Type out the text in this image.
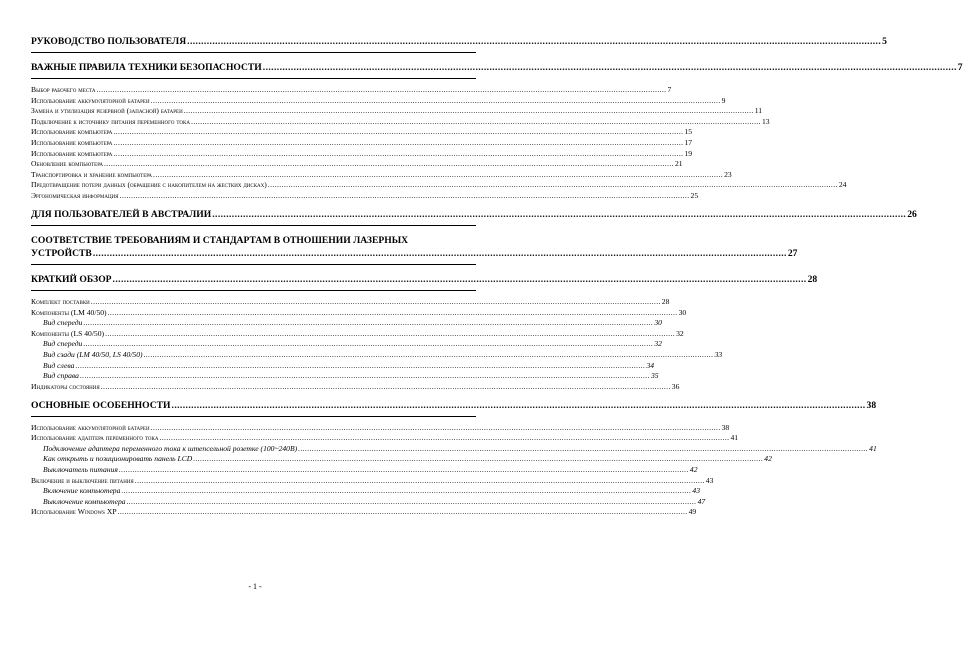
РУКОВОДСТВО ПОЛЬЗОВАТЕЛЯ .....	5
ВАЖНЫЕ ПРАВИЛА ТЕХНИКИ БЕЗОПАСНОСТИ .....	7
Выбор рабочего места .....	7
Использование аккумуляторной батареи .....	9
Замена и утилизация резервной (запасной) батареи .....	11
Подключение к источнику питания переменного тока .....	13
Использование компьютера .....	15
Использование компьютера .....	17
Использование компьютера .....	19
Обновление компьютера .....	21
Транспортировка и хранение компьютера .....	23
Предотвращение потери данных (обращение с накопителем на жестких дисках) .....	24
Эргономическая информация .....	25
ДЛЯ ПОЛЬЗОВАТЕЛЕЙ В АВСТРАЛИИ .....	26
СООТВЕТСТВИЕ ТРЕБОВАНИЯМ И СТАНДАРТАМ В ОТНОШЕНИИ ЛАЗЕРНЫХ
УСТРОЙСТВ .....	27
КРАТКИЙ ОБЗОР .....	28
Комплект поставки .....	28
Компоненты (LM 40/50) .....	30
Вид спереди .....	30
Компоненты (LS 40/50) .....	32
Вид спереди .....	32
Вид сзади (LM 40/50, LS 40/50) .....	33
Вид слева .....	34
Вид справа .....	35
Индикаторы состояния .....	36
ОСНОВНЫЕ ОСОБЕННОСТИ .....	38
Использование аккумуляторной батареи .....	38
Использование адаптера переменного тока .....	41
Подключение адаптера переменного тока к штепсельной розетке (100~240В) .....	41
Как открыть и позиционировать панель LCD .....	42
Выключатель питания .....	42
Включение и выключение питания .....	43
Включение компьютера .....	43
Выключение компьютера .....	47
Использование Windows XP .....	49
- 1 -
